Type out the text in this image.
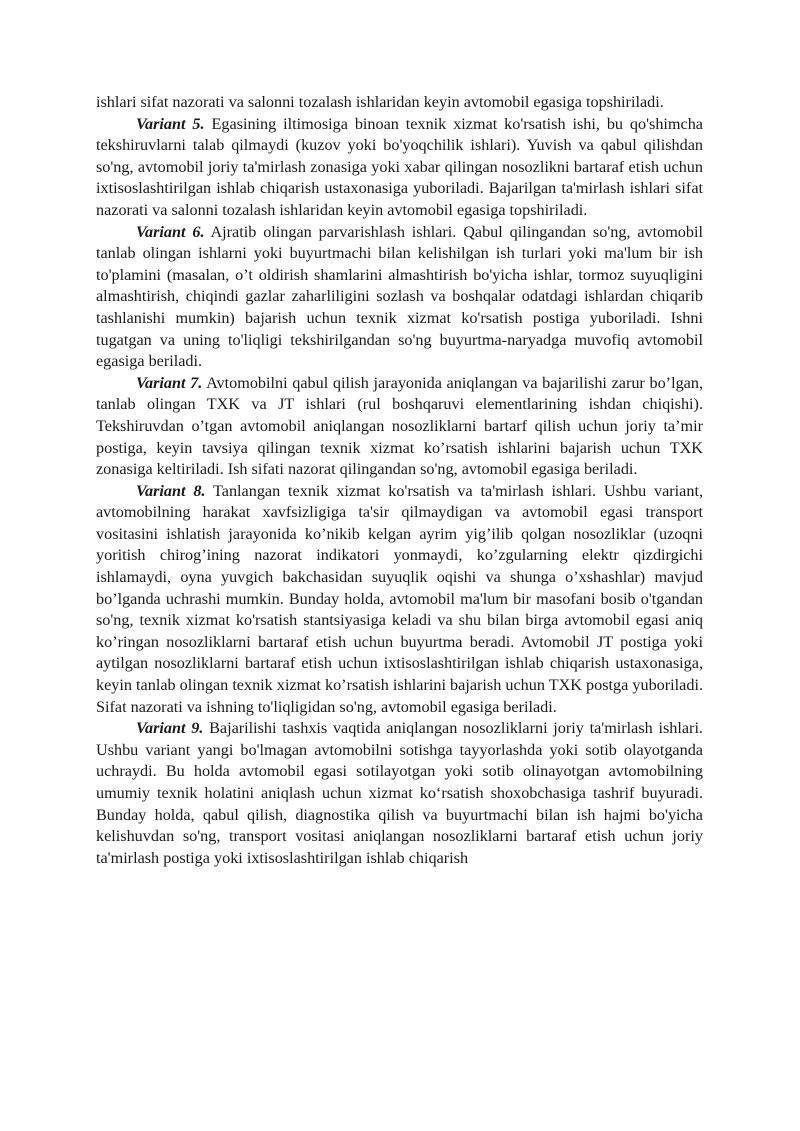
ishlari sifat nazorati va salonni tozalash ishlaridan keyin avtomobil egasiga topshiriladi.

Variant 5. Egasining iltimosiga binoan texnik xizmat ko'rsatish ishi, bu qo'shimcha tekshiruvlarni talab qilmaydi (kuzov yoki bo'yoqchilik ishlari). Yuvish va qabul qilishdan so'ng, avtomobil joriy ta'mirlash zonasiga yoki xabar qilingan nosozlikni bartaraf etish uchun ixtisoslashtirilgan ishlab chiqarish ustaxonasiga yuboriladi. Bajarilgan ta'mirlash ishlari sifat nazorati va salonni tozalash ishlaridan keyin avtomobil egasiga topshiriladi.

Variant 6. Ajratib olingan parvarishlash ishlari. Qabul qilingandan so'ng, avtomobil tanlab olingan ishlarni yoki buyurtmachi bilan kelishilgan ish turlari yoki ma'lum bir ish to'plamini (masalan, o’t oldirish shamlarini almashtirish bo'yicha ishlar, tormoz suyuqligini almashtirish, chiqindi gazlar zaharliligini sozlash va boshqalar odatdagi ishlardan chiqarib tashlanishi mumkin) bajarish uchun texnik xizmat ko'rsatish postiga yuboriladi. Ishni tugatgan va uning to'liqligi tekshirilgandan so'ng buyurtma-naryadga muvofiq avtomobil egasiga beriladi.

Variant 7. Avtomobilni qabul qilish jarayonida aniqlangan va bajarilishi zarur bo’lgan, tanlab olingan TXK va JT ishlari (rul boshqaruvi elementlarining ishdan chiqishi). Tekshiruvdan o’tgan avtomobil aniqlangan nosozliklarni bartarf qilish uchun joriy ta’mir postiga, keyin tavsiya qilingan texnik xizmat ko’rsatish ishlarini bajarish uchun TXK zonasiga keltiriladi. Ish sifati nazorat qilingandan so'ng, avtomobil egasiga beriladi.

Variant 8. Tanlangan texnik xizmat ko'rsatish va ta'mirlash ishlari. Ushbu variant, avtomobilning harakat xavfsizligiga ta'sir qilmaydigan va avtomobil egasi transport vositasini ishlatish jarayonida ko’nikib kelgan ayrim yig’ilib qolgan nosozliklar (uzoqni yoritish chirog’ining nazorat indikatori yonmaydi, ko’zgularning elektr qizdirgichi ishlamaydi, oyna yuvgich bakchasidan suyuqlik oqishi va shunga o’xshashlar) mavjud bo’lganda uchrashi mumkin. Bunday holda, avtomobil ma'lum bir masofani bosib o'tgandan so'ng, texnik xizmat ko'rsatish stantsiyasiga keladi va shu bilan birga avtomobil egasi aniq ko’ringan nosozliklarni bartaraf etish uchun buyurtma beradi. Avtomobil JT postiga yoki aytilgan nosozliklarni bartaraf etish uchun ixtisoslashtirilgan ishlab chiqarish ustaxonasiga, keyin tanlab olingan texnik xizmat ko’rsatish ishlarini bajarish uchun TXK postga yuboriladi. Sifat nazorati va ishning to'liqligidan so'ng, avtomobil egasiga beriladi.

Variant 9. Bajarilishi tashxis vaqtida aniqlangan nosozliklarni joriy ta'mirlash ishlari. Ushbu variant yangi bo'lmagan avtomobilni sotishga tayyorlashda yoki sotib olayotganda uchraydi. Bu holda avtomobil egasi sotilayotgan yoki sotib olinayotgan avtomobilning umumiy texnik holatini aniqlash uchun xizmat ko‘rsatish shoxobchasiga tashrif buyuradi. Bunday holda, qabul qilish, diagnostika qilish va buyurtmachi bilan ish hajmi bo'yicha kelishuvdan so'ng, transport vositasi aniqlangan nosozliklarni bartaraf etish uchun joriy ta'mirlash postiga yoki ixtisoslashtirilgan ishlab chiqarish
